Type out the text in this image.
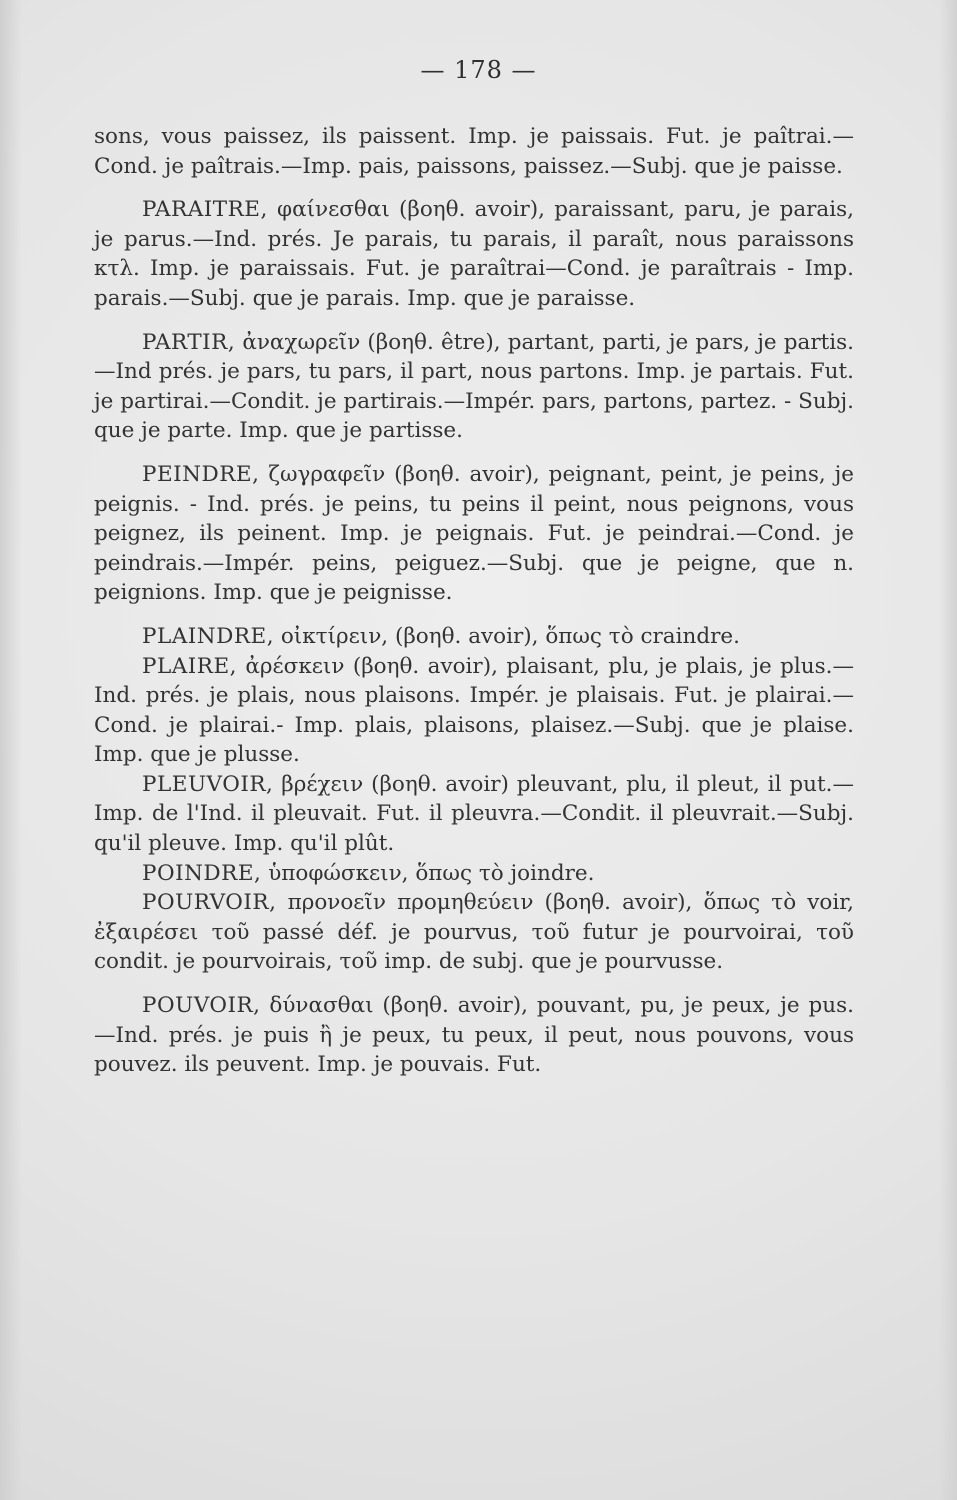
— 178 —

sons, vous paissez, ils paissent. Imp. je paissais. Fut. je paîtrai.—Cond. je paîtrais.—Imp. pais, paissons, paissez.—Subj. que je paisse.

PARAITRE, φαίνεσθαι (βοηθ. avoir), paraissant, paru, je parais, je parus.—Ind. prés. Je parais, tu parais, il paraît, nous paraissons κτλ. Imp. je paraissais. Fut. je paraîtrai—Cond. je paraîtrais - Imp. parais.—Subj. que je parais. Imp. que je paraisse.

PARTIR, ἀναχωρεῖν (βοηθ. être), partant, parti, je pars, je partis.—Ind prés. je pars, tu pars, il part, nous partons. Imp. je partais. Fut. je partirai.—Condit. je partirais.—Impér. pars, partons, partez. - Subj. que je parte. Imp. que je partisse.

PEINDRE, ζωγραφεῖν (βοηθ. avoir), peignant, peint, je peins, je peignis. - Ind. prés. je peins, tu peins il peint, nous peignons, vous peignez, ils peinent. Imp. je peignais. Fut. je peindrai.—Cond. je peindrais.—Impér. peins, peiguez.—Subj. que je peigne, que n. peignions. Imp. que je peignisse.

PLAINDRE, οἰκτίρειν, (βοηθ. avoir), ὅπως τὸ craindre.

PLAIRE, ἀρέσκειν (βοηθ. avoir), plaisant, plu, je plais, je plus.—Ind. prés. je plais, nous plaisons. Impér. je plaisais. Fut. je plairai.—Cond. je plairai.- Imp. plais, plaisons, plaisez.—Subj. que je plaise. Imp. que je plusse.

PLEUVOIR, βρέχειν (βοηθ. avoir) pleuvant, plu, il pleut, il put.—Imp. de l'Ind. il pleuvait. Fut. il pleuvra.—Condit. il pleuvrait.—Subj. qu'il pleuve. Imp. qu'il plût.

POINDRE, ὑποφώσκειν, ὅπως τὸ joindre.

POURVOIR, προνοεῖν προμηθεύειν (βοηθ. avoir), ὅπως τὸ voir, ἐξαιρέσει τοῦ passé déf. je pourvus, τοῦ futur je pourvoirai, τοῦ condit. je pourvoirais, τοῦ imp. de subj. que je pourvusse.

POUVOIR, δύνασθαι (βοηθ. avoir), pouvant, pu, je peux, je pus.—Ind. prés. je puis ἢ je peux, tu peux, il peut, nous pouvons, vous pouvez. ils peuvent. Imp. je pouvais. Fut.
